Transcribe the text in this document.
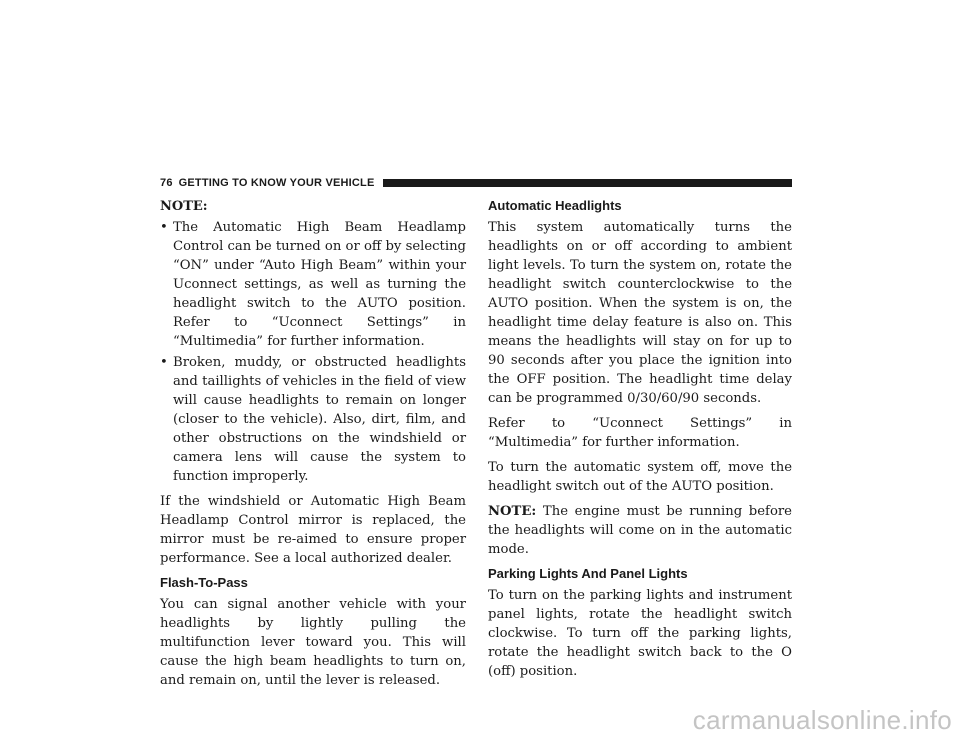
76 GETTING TO KNOW YOUR VEHICLE
NOTE:
• The Automatic High Beam Headlamp Control can be turned on or off by selecting “ON” under “Auto High Beam” within your Uconnect settings, as well as turning the headlight switch to the AUTO position. Refer to “Uconnect Settings” in “Multimedia” for further information.
• Broken, muddy, or obstructed headlights and taillights of vehicles in the field of view will cause headlights to remain on longer (closer to the vehicle). Also, dirt, film, and other obstructions on the windshield or camera lens will cause the system to function improperly.

If the windshield or Automatic High Beam Headlamp Control mirror is replaced, the mirror must be re-aimed to ensure proper performance. See a local authorized dealer.

Flash-To-Pass

You can signal another vehicle with your headlights by lightly pulling the multifunction lever toward you. This will cause the high beam headlights to turn on, and remain on, until the lever is released.

Automatic Headlights

This system automatically turns the headlights on or off according to ambient light levels. To turn the system on, rotate the headlight switch counterclockwise to the AUTO position. When the system is on, the headlight time delay feature is also on. This means the headlights will stay on for up to 90 seconds after you place the ignition into the OFF position. The headlight time delay can be programmed 0/30/60/90 seconds.

Refer to “Uconnect Settings” in “Multimedia” for further information.

To turn the automatic system off, move the headlight switch out of the AUTO position.

NOTE: The engine must be running before the headlights will come on in the automatic mode.

Parking Lights And Panel Lights

To turn on the parking lights and instrument panel lights, rotate the headlight switch clockwise. To turn off the parking lights, rotate the headlight switch back to the O (off) position.

carmanualsonline.info
